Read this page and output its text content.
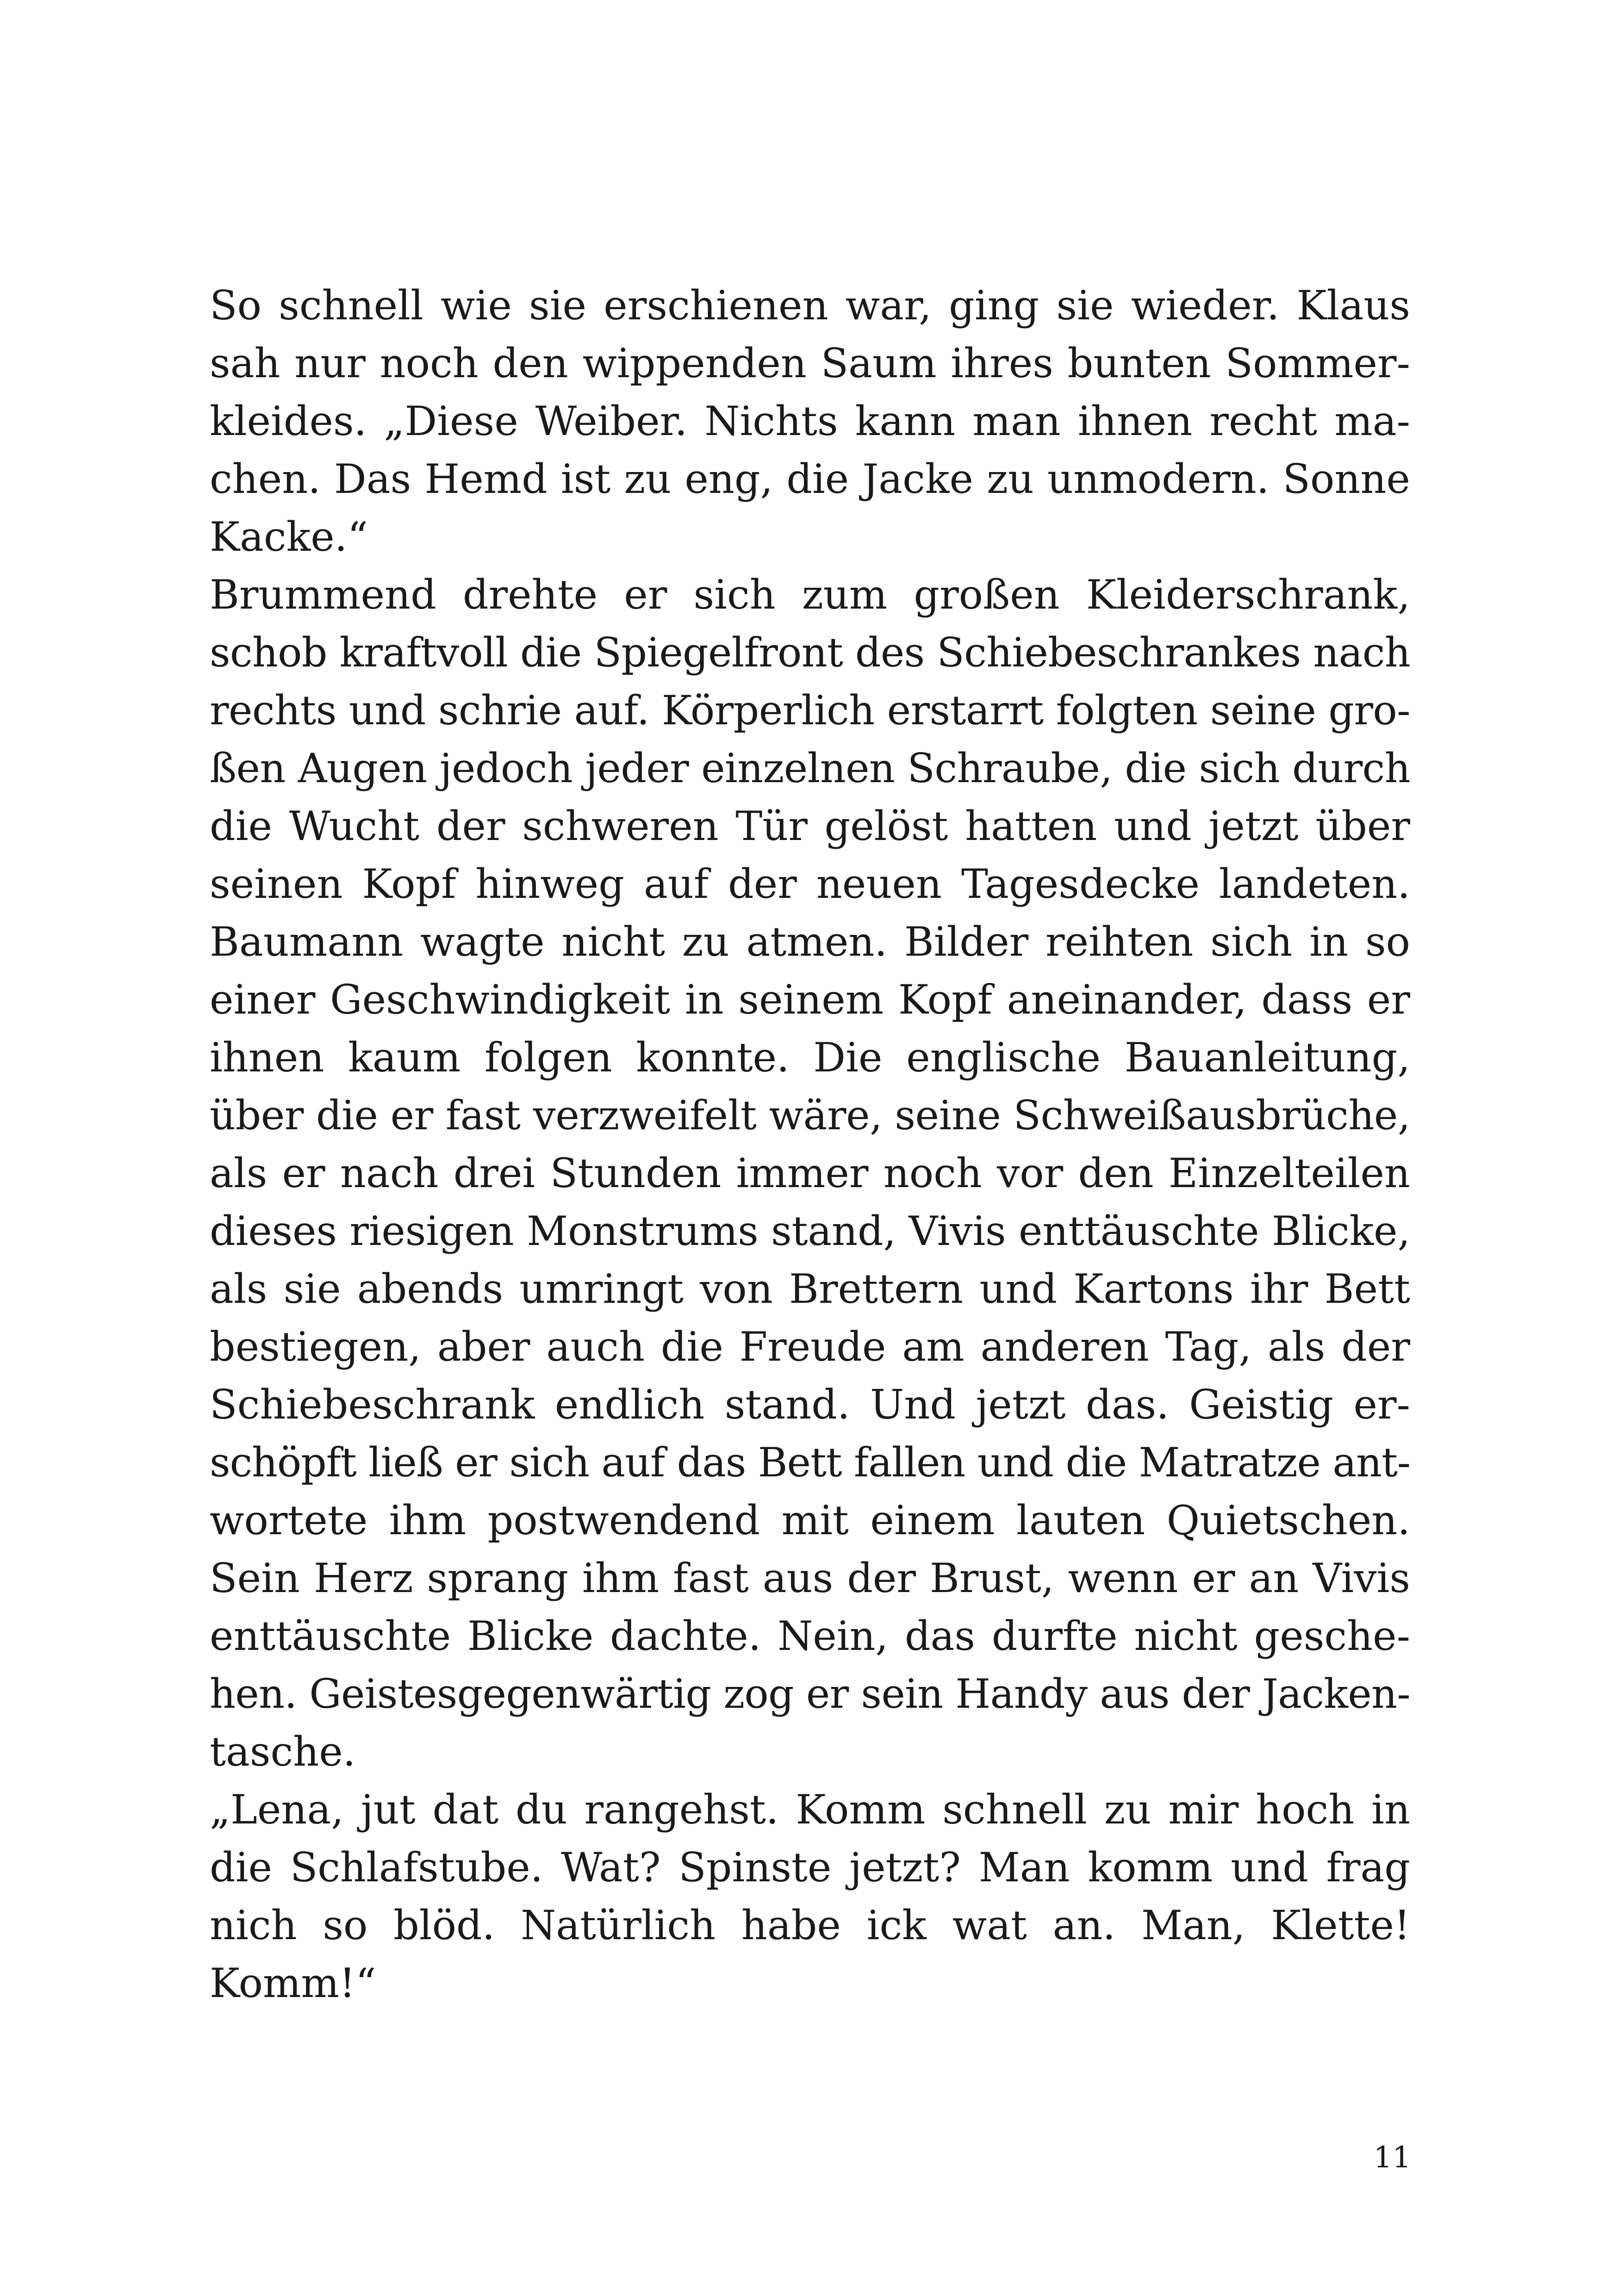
So schnell wie sie erschienen war, ging sie wieder. Klaus
sah nur noch den wippenden Saum ihres bunten Sommer-
kleides. „Diese Weiber. Nichts kann man ihnen recht ma-
chen. Das Hemd ist zu eng, die Jacke zu unmodern. Sonne
Kacke.“
Brummend drehte er sich zum großen Kleiderschrank,
schob kraftvoll die Spiegelfront des Schiebeschrankes nach
rechts und schrie auf. Körperlich erstarrt folgten seine gro-
ßen Augen jedoch jeder einzelnen Schraube, die sich durch
die Wucht der schweren Tür gelöst hatten und jetzt über
seinen Kopf hinweg auf der neuen Tagesdecke landeten.
Baumann wagte nicht zu atmen. Bilder reihten sich in so
einer Geschwindigkeit in seinem Kopf aneinander, dass er
ihnen kaum folgen konnte. Die englische Bauanleitung,
über die er fast verzweifelt wäre, seine Schweißausbrüche,
als er nach drei Stunden immer noch vor den Einzelteilen
dieses riesigen Monstrums stand, Vivis enttäuschte Blicke,
als sie abends umringt von Brettern und Kartons ihr Bett
bestiegen, aber auch die Freude am anderen Tag, als der
Schiebeschrank endlich stand. Und jetzt das. Geistig er-
schöpft ließ er sich auf das Bett fallen und die Matratze ant-
wortete ihm postwendend mit einem lauten Quietschen.
Sein Herz sprang ihm fast aus der Brust, wenn er an Vivis
enttäuschte Blicke dachte. Nein, das durfte nicht gesche-
hen. Geistesgegenwärtig zog er sein Handy aus der Jacken-
tasche.
„Lena, jut dat du rangehst. Komm schnell zu mir hoch in
die Schlafstube. Wat? Spinste jetzt? Man komm und frag
nich so blöd. Natürlich habe ick wat an. Man, Klette!
Komm!“
11
